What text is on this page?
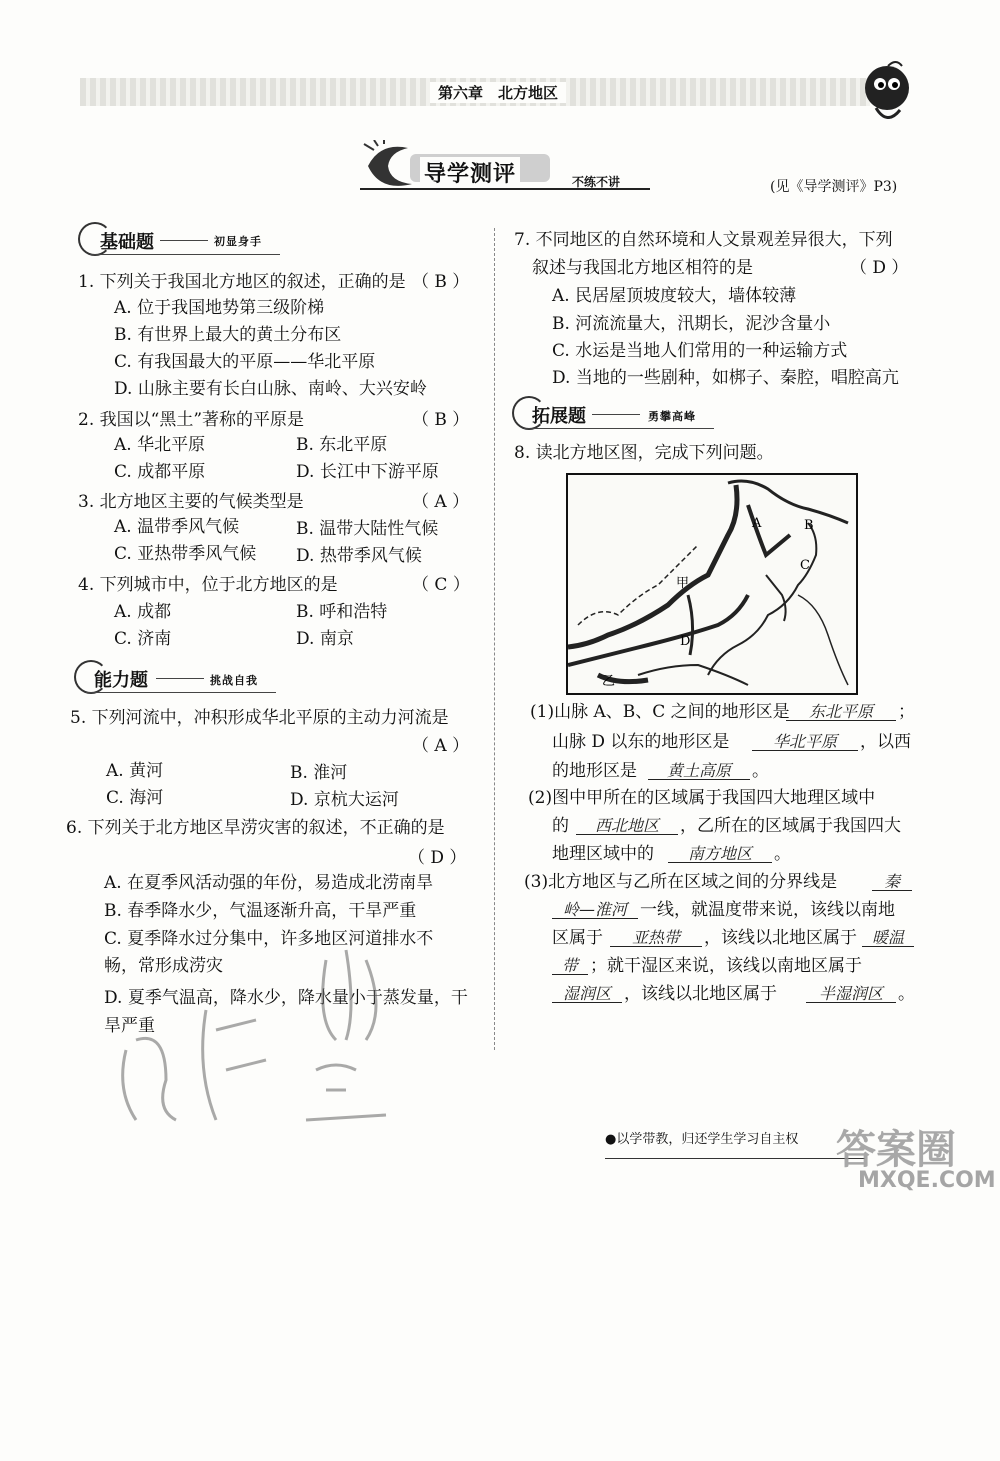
第六章　北方地区
导学测评	不练不讲	(见《导学测评》P3)
基础题	初显身手
1. 下列关于我国北方地区的叙述，正确的是 （ B ）
A. 位于我国地势第三级阶梯
B. 有世界上最大的黄土分布区
C. 有我国最大的平原——华北平原
D. 山脉主要有长白山脉、南岭、大兴安岭
2. 我国以“黑土”著称的平原是	（ B ）
A. 华北平原	B. 东北平原
C. 成都平原	D. 长江中下游平原
3. 北方地区主要的气候类型是	（ A ）
A. 温带季风气候	B. 温带大陆性气候
C. 亚热带季风气候 D. 热带季风气候
4. 下列城市中，位于北方地区的是	（ C ）
A. 成都	B. 呼和浩特
C. 济南	D. 南京
能力题	挑战自我
5. 下列河流中，冲积形成华北平原的主动力河流是
（ A ）
A. 黄河	B. 淮河
C. 海河	D. 京杭大运河
6. 下列关于北方地区旱涝灾害的叙述，不正确的是
（ D ）
A. 在夏季风活动强的年份，易造成北涝南旱
B. 春季降水少，气温逐渐升高，干旱严重
C. 夏季降水过分集中，许多地区河道排水不
畅，常形成涝灾
D. 夏季气温高，降水少，降水量小于蒸发量，干
旱严重
7. 不同地区的自然环境和人文景观差异很大，下列
叙述与我国北方地区相符的是	（ D ）
A. 民居屋顶坡度较大，墙体较薄
B. 河流流量大，汛期长，泥沙含量小
C. 水运是当地人们常用的一种运输方式
D. 当地的一些剧种，如梆子、秦腔，唱腔高亢
拓展题	勇攀高峰
8. 读北方地区图，完成下列问题。
A	B
C
D
甲
乙
(1)山脉 A、B、C 之间的地形区是	东北平原	；
山脉 D 以东的地形区是	华北平原	，以西
的地形区是	黄土高原	。
(2)图中甲所在的区域属于我国四大地理区域中
的	西北地区	，乙所在的区域属于我国四大
地理区域中的	南方地区	。
(3)北方地区与乙所在区域之间的分界线是	秦
岭—淮河 一线，就温度带来说，该线以南地
区属于	亚热带	，该线以北地区属于 暖温
带 ；就干湿区来说，该线以南地区属于
湿润区 ，该线以北地区属于	半湿润区 。
●以学带教，归还学生学习自主权 答案圈
MXQE.COM
